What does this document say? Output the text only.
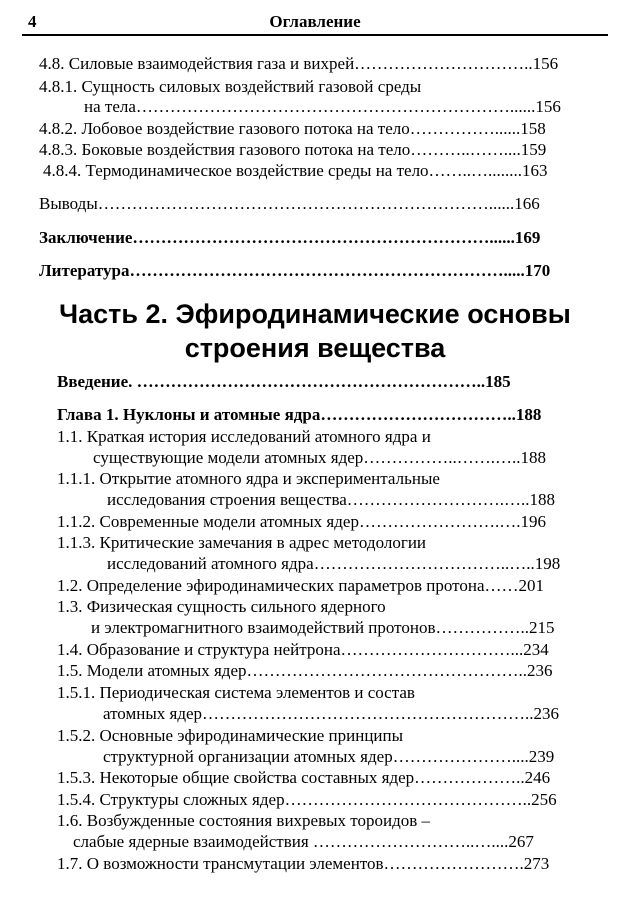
4	Оглавление
4.8. Силовые взаимодействия газа и вихрей…………………………..156
4.8.1. Сущность силовых воздействий газовой среды
на тела…………………………………………………………......156
4.8.2. Лобовое воздействие газового потока на тело……………......158
4.8.3. Боковые воздействия газового потока на тело………..……....159
4.8.4. Термодинамическое воздействие среды на тело……..…........163
Выводы……………………………………………………………......166
Заключение………………………………………………………......169
Литература………………………………………………………….....170
Часть 2. Эфиродинамические основы
строения вещества
Введение. ……………………………………………………..185
Глава 1. Нуклоны и атомные ядра……………………………..188
1.1. Краткая история исследований атомного ядра и
существующие модели атомных ядер……………..…….…..188
1.1.1. Открытие атомного ядра и экспериментальные
исследования строения вещества……………………….…..188
1.1.2. Современные модели атомных ядер…………………….….196
1.1.3. Критические замечания в адрес методологии
исследований атомного ядра……………………………..…..198
1.2. Определение эфиродинамических параметров протона……201
1.3. Физическая сущность сильного ядерного
и электромагнитного взаимодействий протонов……………..215
1.4. Образование и структура нейтрона…………………………...234
1.5. Модели атомных ядер…………………………………………..236
1.5.1. Периодическая система элементов и состав
атомных ядер…………………………………………………..236
1.5.2. Основные эфиродинамические принципы
структурной организации атомных ядер…………………....239
1.5.3. Некоторые общие свойства составных ядер………………..246
1.5.4. Структуры сложных ядер……………………………………..256
1.6. Возбужденные состояния вихревых тороидов –
слабые ядерные взаимодействия ………………………..…....267
1.7. О возможности трансмутации элементов…………………….273
